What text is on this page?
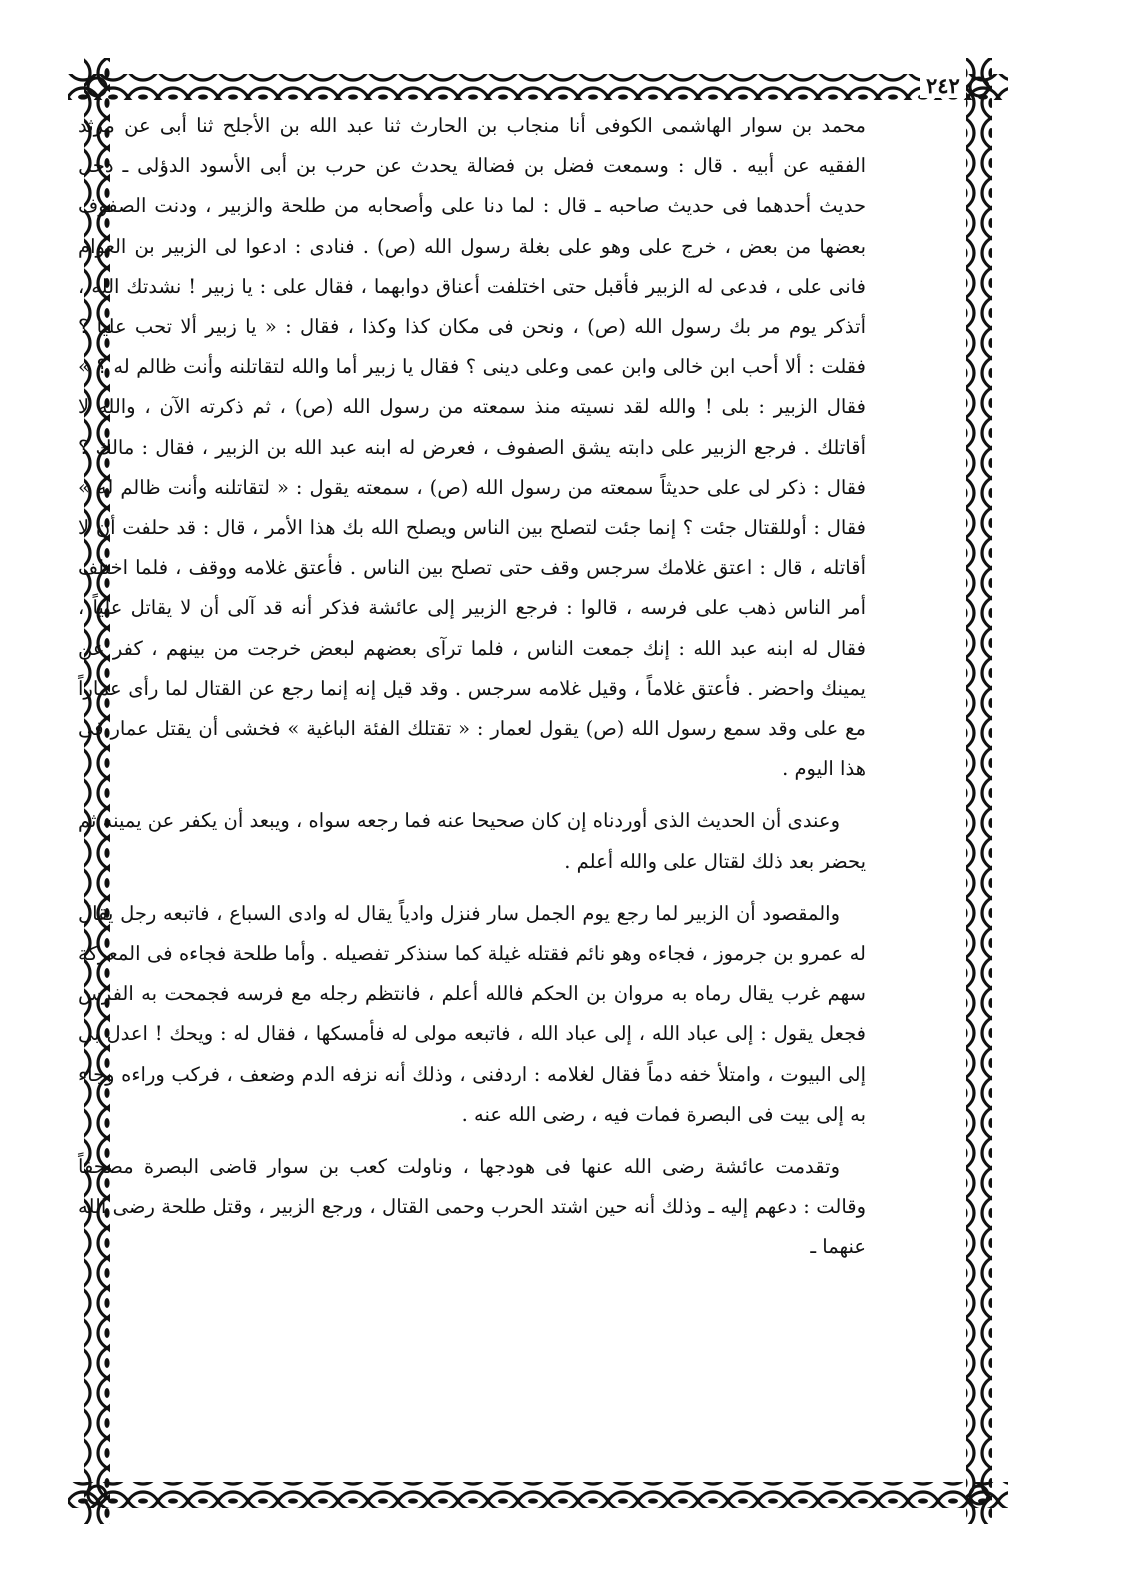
٢٤٢

محمد بن سوار الهاشمى الكوفى أنا منجاب بن الحارث ثنا عبد الله بن الأجلح ثنا أبى عن مرثد الفقيه عن أبيه . قال : وسمعت فضل بن فضالة يحدث عن حرب بن أبى الأسود الدؤلى ـ دخل حديث أحدهما فى حديث صاحبه ـ قال : لما دنا على وأصحابه من طلحة والزبير ، ودنت الصفوف بعضها من بعض ، خرج على وهو على بغلة رسول الله (ص) . فنادى : ادعوا لى الزبير بن العوام فانى على ، فدعى له الزبير فأقبل حتى اختلفت أعناق دوابهما ، فقال على : يا زبير ! نشدتك الله ، أتذكر يوم مر بك رسول الله (ص) ، ونحن فى مكان كذا وكذا ، فقال : « يا زبير ألا تحب عليا ؟ فقلت : ألا أحب ابن خالى وابن عمى وعلى دينى ؟ فقال يا زبير أما والله لتقاتلنه وأنت ظالم له ؟ » فقال الزبير : بلى ! والله لقد نسيته منذ سمعته من رسول الله (ص) ، ثم ذكرته الآن ، والله لا أقاتلك . فرجع الزبير على دابته يشق الصفوف ، فعرض له ابنه عبد الله بن الزبير ، فقال : مالك ؟ فقال : ذكر لى على حديثاً سمعته من رسول الله (ص) ، سمعته يقول : « لتقاتلنه وأنت ظالم له » فقال : أوللقتال جئت ؟ إنما جئت لتصلح بين الناس ويصلح الله بك هذا الأمر ، قال : قد حلفت أن لا أقاتله ، قال : اعتق غلامك سرجس وقف حتى تصلح بين الناس . فأعتق غلامه ووقف ، فلما اختلف أمر الناس ذهب على فرسه ، قالوا : فرجع الزبير إلى عائشة فذكر أنه قد آلى أن لا يقاتل علياً ، فقال له ابنه عبد الله : إنك جمعت الناس ، فلما ترآى بعضهم لبعض خرجت من بينهم ، كفر عن يمينك واحضر . فأعتق غلاماً ، وقيل غلامه سرجس . وقد قيل إنه إنما رجع عن القتال لما رأى عماراً مع على وقد سمع رسول الله (ص) يقول لعمار : « تقتلك الفئة الباغية » فخشى أن يقتل عمار فى هذا اليوم .

وعندى أن الحديث الذى أوردناه إن كان صحيحا عنه فما رجعه سواه ، ويبعد أن يكفر عن يمينه ثم يحضر بعد ذلك لقتال على والله أعلم .

والمقصود أن الزبير لما رجع يوم الجمل سار فنزل وادياً يقال له وادى السباع ، فاتبعه رجل يقال له عمرو بن جرموز ، فجاءه وهو نائم فقتله غيلة كما سنذكر تفصيله . وأما طلحة فجاءه فى المعركة سهم غرب يقال رماه به مروان بن الحكم فالله أعلم ، فانتظم رجله مع فرسه فجمحت به الفرس فجعل يقول : إلى عباد الله ، إلى عباد الله ، فاتبعه مولى له فأمسكها ، فقال له : ويحك ! اعدل بى إلى البيوت ، وامتلأ خفه دماً فقال لغلامه : اردفنى ، وذلك أنه نزفه الدم وضعف ، فركب وراءه وجاء به إلى بيت فى البصرة فمات فيه ، رضى الله عنه .

وتقدمت عائشة رضى الله عنها فى هودجها ، وناولت كعب بن سوار قاضى البصرة مصحفاً وقالت : دعهم إليه ـ وذلك أنه حين اشتد الحرب وحمى القتال ، ورجع الزبير ، وقتل طلحة رضى الله عنهما ـ
